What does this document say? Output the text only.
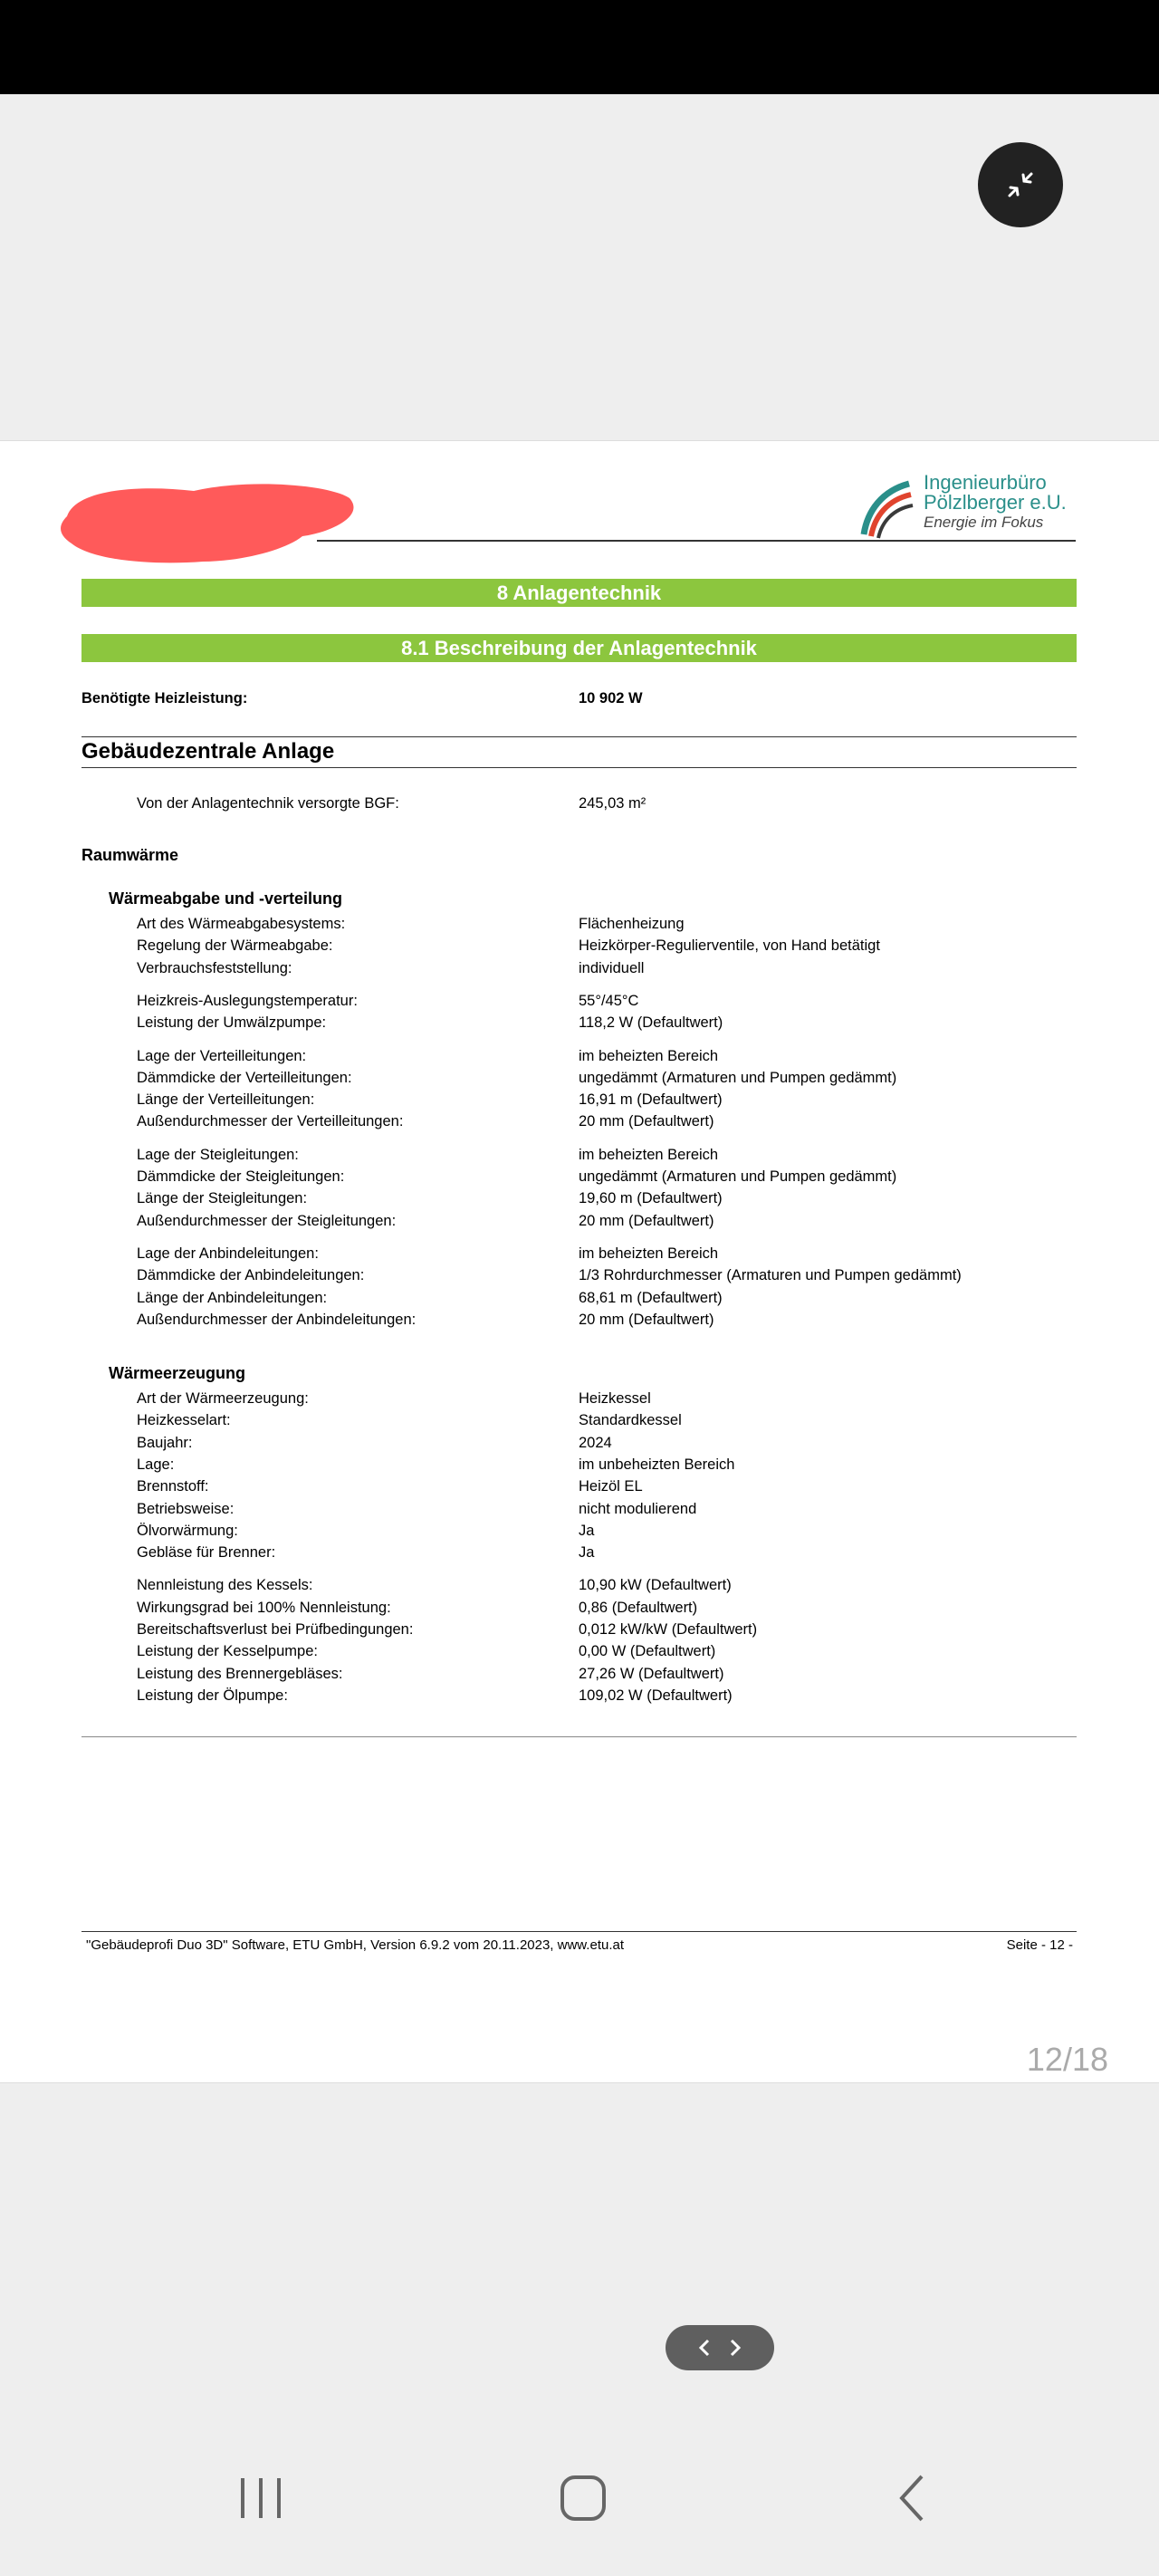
Ingenieurbüro
Pölzlberger e.U.
Energie im Fokus
8 Anlagentechnik
8.1 Beschreibung der Anlagentechnik
Benötigte Heizleistung:	10 902 W
Gebäudezentrale Anlage
Von der Anlagentechnik versorgte BGF:	245,03 m²
Raumwärme
Wärmeabgabe und -verteilung
Art des Wärmeabgabesystems:	Flächenheizung
Regelung der Wärmeabgabe:	Heizkörper-Regulierventile, von Hand betätigt
Verbrauchsfeststellung:	individuell
Heizkreis-Auslegungstemperatur:	55°/45°C
Leistung der Umwälzpumpe:	118,2 W (Defaultwert)
Lage der Verteilleitungen:	im beheizten Bereich
Dämmdicke der Verteilleitungen:	ungedämmt (Armaturen und Pumpen gedämmt)
Länge der Verteilleitungen:	16,91 m (Defaultwert)
Außendurchmesser der Verteilleitungen:	20 mm (Defaultwert)
Lage der Steigleitungen:	im beheizten Bereich
Dämmdicke der Steigleitungen:	ungedämmt (Armaturen und Pumpen gedämmt)
Länge der Steigleitungen:	19,60 m (Defaultwert)
Außendurchmesser der Steigleitungen:	20 mm (Defaultwert)
Lage der Anbindeleitungen:	im beheizten Bereich
Dämmdicke der Anbindeleitungen:	1/3 Rohrdurchmesser (Armaturen und Pumpen gedämmt)
Länge der Anbindeleitungen:	68,61 m (Defaultwert)
Außendurchmesser der Anbindeleitungen:	20 mm (Defaultwert)
Wärmeerzeugung
Art der Wärmeerzeugung:	Heizkessel
Heizkesselart:	Standardkessel
Baujahr:	2024
Lage:	im unbeheizten Bereich
Brennstoff:	Heizöl EL
Betriebsweise:	nicht modulierend
Ölvorwärmung:	Ja
Gebläse für Brenner:	Ja
Nennleistung des Kessels:	10,90 kW (Defaultwert)
Wirkungsgrad bei 100% Nennleistung:	0,86 (Defaultwert)
Bereitschaftsverlust bei Prüfbedingungen:	0,012 kW/kW (Defaultwert)
Leistung der Kesselpumpe:	0,00 W (Defaultwert)
Leistung des Brennergebläses:	27,26 W (Defaultwert)
Leistung der Ölpumpe:	109,02 W (Defaultwert)
"Gebäudeprofi Duo 3D" Software, ETU GmbH, Version 6.9.2 vom 20.11.2023, www.etu.at	Seite - 12 -
12/18
